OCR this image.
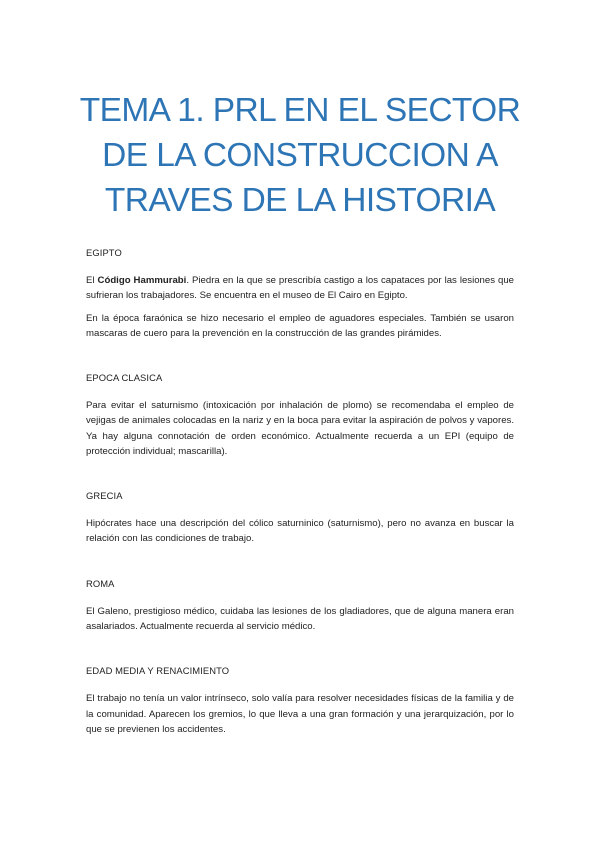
TEMA 1. PRL EN EL SECTOR
DE LA CONSTRUCCION A
TRAVES DE LA HISTORIA
EGIPTO

El Código Hammurabi. Piedra en la que se prescribía castigo a los capataces por las lesiones que sufrieran los trabajadores. Se encuentra en el museo de El Cairo en Egipto.

En la época faraónica se hizo necesario el empleo de aguadores especiales. También se usaron mascaras de cuero para la prevención en la construcción de las grandes pirámides.

EPOCA CLASICA

Para evitar el saturnismo (intoxicación por inhalación de plomo) se recomendaba el empleo de vejigas de animales colocadas en la nariz y en la boca para evitar la aspiración de polvos y vapores. Ya hay alguna connotación de orden económico. Actualmente recuerda a un EPI (equipo de protección individual; mascarilla).

GRECIA

Hipócrates hace una descripción del cólico saturninico (saturnismo), pero no avanza en buscar la relación con las condiciones de trabajo.

ROMA

El Galeno, prestigioso médico, cuidaba las lesiones de los gladiadores, que de alguna manera eran asalariados. Actualmente recuerda al servicio médico.

EDAD MEDIA Y RENACIMIENTO

El trabajo no tenía un valor intrínseco, solo valía para resolver necesidades físicas de la familia y de la comunidad. Aparecen los gremios, lo que lleva a una gran formación y una jerarquización, por lo que se previenen los accidentes.
